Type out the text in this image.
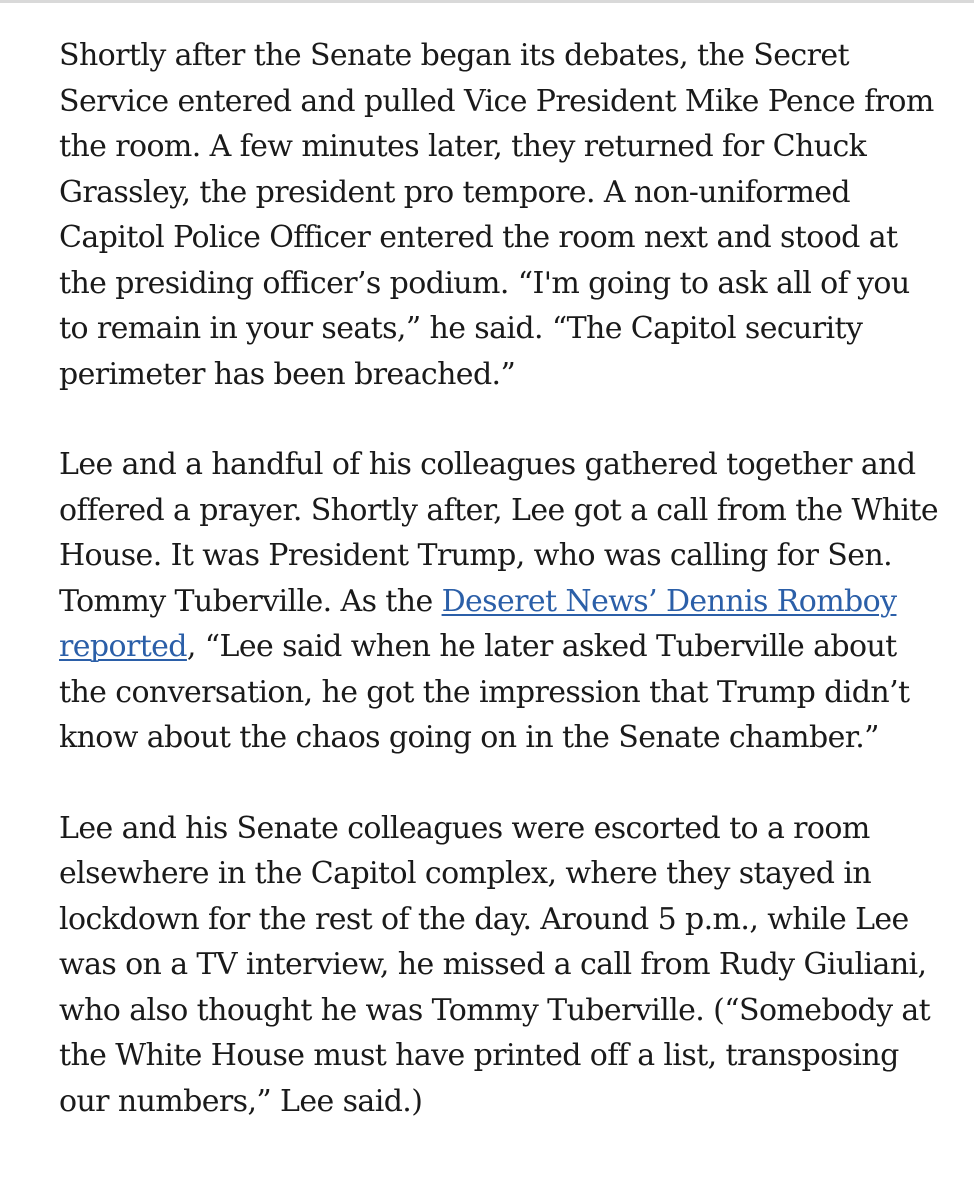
Shortly after the Senate began its debates, the Secret Service entered and pulled Vice President Mike Pence from the room. A few minutes later, they returned for Chuck Grassley, the president pro tempore. A non-uniformed Capitol Police Officer entered the room next and stood at the presiding officer’s podium. “I'm going to ask all of you to remain in your seats,” he said. “The Capitol security perimeter has been breached.”

Lee and a handful of his colleagues gathered together and offered a prayer. Shortly after, Lee got a call from the White House. It was President Trump, who was calling for Sen. Tommy Tuberville. As the Deseret News’ Dennis Romboy reported, “Lee said when he later asked Tuberville about the conversation, he got the impression that Trump didn’t know about the chaos going on in the Senate chamber.”

Lee and his Senate colleagues were escorted to a room elsewhere in the Capitol complex, where they stayed in lockdown for the rest of the day. Around 5 p.m., while Lee was on a TV interview, he missed a call from Rudy Giuliani, who also thought he was Tommy Tuberville. (“Somebody at the White House must have printed off a list, transposing our numbers,” Lee said.)
